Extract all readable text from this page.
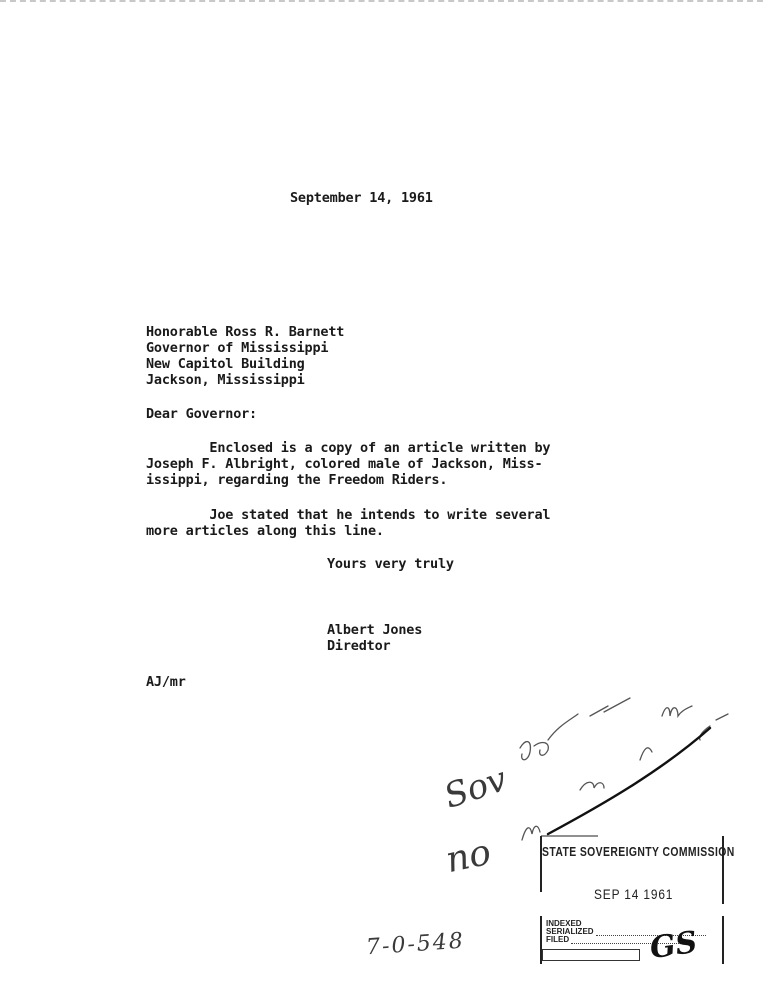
September 14, 1961
Honorable Ross R. Barnett
Governor of Mississippi
New Capitol Building
Jackson, Mississippi
Dear Governor:
Enclosed is a copy of an article written by
Joseph F. Albright, colored male of Jackson, Miss-
issippi, regarding the Freedom Riders.
Joe stated that he intends to write several
more articles along this line.
Yours very truly
Albert Jones
Diredtor
AJ/mr
Sov
no
7-0-548
STATE SOVEREIGNTY COMMISSION
SEP 14 1961
INDEXED
SERIALIZED
FILED	GS
